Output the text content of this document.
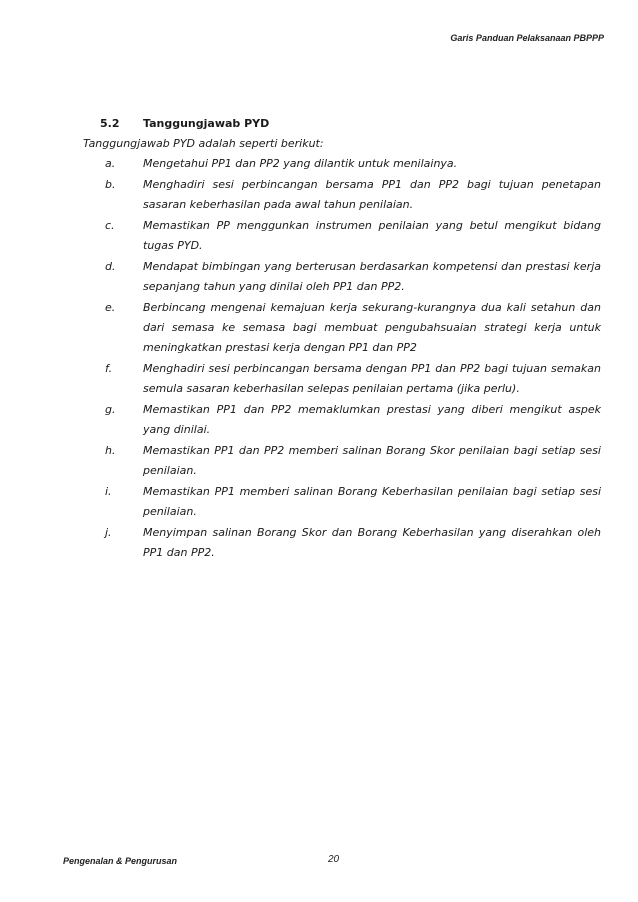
Garis Panduan Pelaksanaan PBPPP
5.2	Tanggungjawab PYD
Tanggungjawab PYD adalah seperti berikut:
a.	Mengetahui PP1 dan PP2 yang dilantik untuk menilainya.
b.	Menghadiri sesi perbincangan bersama PP1 dan PP2 bagi tujuan penetapan sasaran keberhasilan pada awal tahun penilaian.
c.	Memastikan PP menggunkan instrumen penilaian yang betul mengikut bidang tugas PYD.
d.	Mendapat bimbingan yang berterusan berdasarkan kompetensi dan prestasi kerja sepanjang tahun yang dinilai oleh PP1 dan PP2.
e.	Berbincang mengenai kemajuan kerja sekurang-kurangnya dua kali setahun dan dari semasa ke semasa bagi membuat pengubahsuaian strategi kerja untuk meningkatkan prestasi kerja dengan PP1 dan PP2
f.	Menghadiri sesi perbincangan bersama dengan PP1 dan PP2 bagi tujuan semakan semula sasaran keberhasilan selepas penilaian pertama (jika perlu).
g.	Memastikan PP1 dan PP2 memaklumkan prestasi yang diberi mengikut aspek yang dinilai.
h.	Memastikan PP1 dan PP2 memberi salinan Borang Skor penilaian bagi setiap sesi penilaian.
i.	Memastikan PP1 memberi salinan Borang Keberhasilan penilaian bagi setiap sesi penilaian.
j.	Menyimpan salinan Borang Skor dan Borang Keberhasilan yang diserahkan oleh PP1 dan PP2.
Pengenalan & Pengurusan	20
